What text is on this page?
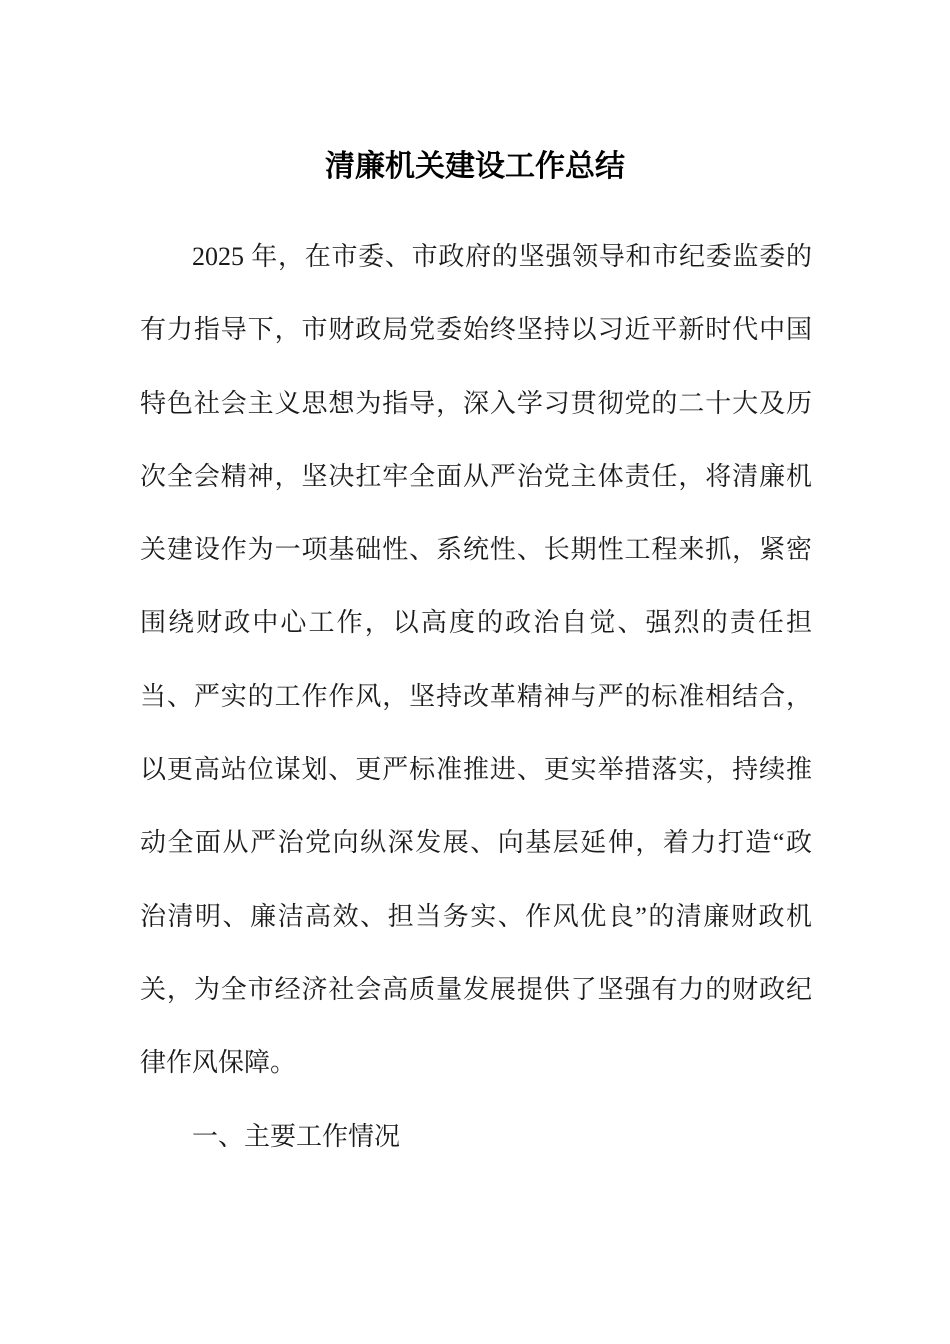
清廉机关建设工作总结
2025 年，在市委、市政府的坚强领导和市纪委监委的
有力指导下，市财政局党委始终坚持以习近平新时代中国
特色社会主义思想为指导，深入学习贯彻党的二十大及历
次全会精神，坚决扛牢全面从严治党主体责任，将清廉机
关建设作为一项基础性、系统性、长期性工程来抓，紧密
围绕财政中心工作，以高度的政治自觉、强烈的责任担
当、严实的工作作风，坚持改革精神与严的标准相结合，
以更高站位谋划、更严标准推进、更实举措落实，持续推
动全面从严治党向纵深发展、向基层延伸，着力打造“政
治清明、廉洁高效、担当务实、作风优良”的清廉财政机
关，为全市经济社会高质量发展提供了坚强有力的财政纪
律作风保障。
一、主要工作情况
